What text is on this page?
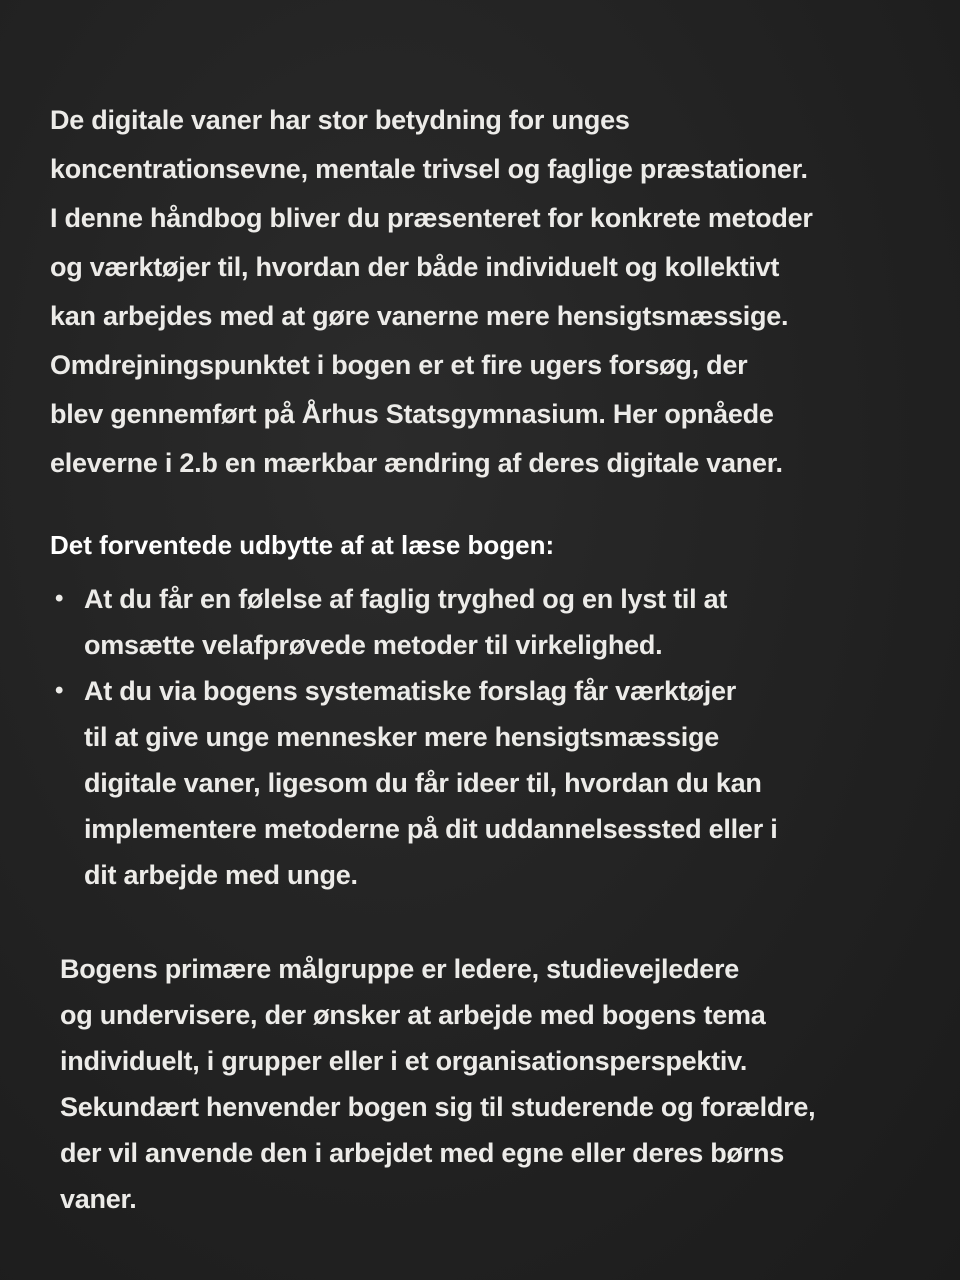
De digitale vaner har stor betydning for unges
koncentrationsevne, mentale trivsel og faglige præstationer.
I denne håndbog bliver du præsenteret for konkrete metoder
og værktøjer til, hvordan der både individuelt og kollektivt
kan arbejdes med at gøre vanerne mere hensigtsmæssige.
Omdrejningspunktet i bogen er et fire ugers forsøg, der
blev gennemført på Århus Statsgymnasium. Her opnåede
eleverne i 2.b en mærkbar ændring af deres digitale vaner.

Det forventede udbytte af at læse bogen:
• At du får en følelse af faglig tryghed og en lyst til at
omsætte velafprøvede metoder til virkelighed.
• At du via bogens systematiske forslag får værktøjer
til at give unge mennesker mere hensigtsmæssige
digitale vaner, ligesom du får ideer til, hvordan du kan
implementere metoderne på dit uddannelsessted eller i
dit arbejde med unge.

Bogens primære målgruppe er ledere, studievejledere
og undervisere, der ønsker at arbejde med bogens tema
individuelt, i grupper eller i et organisationsperspektiv.
Sekundært henvender bogen sig til studerende og forældre,
der vil anvende den i arbejdet med egne eller deres børns
vaner.
